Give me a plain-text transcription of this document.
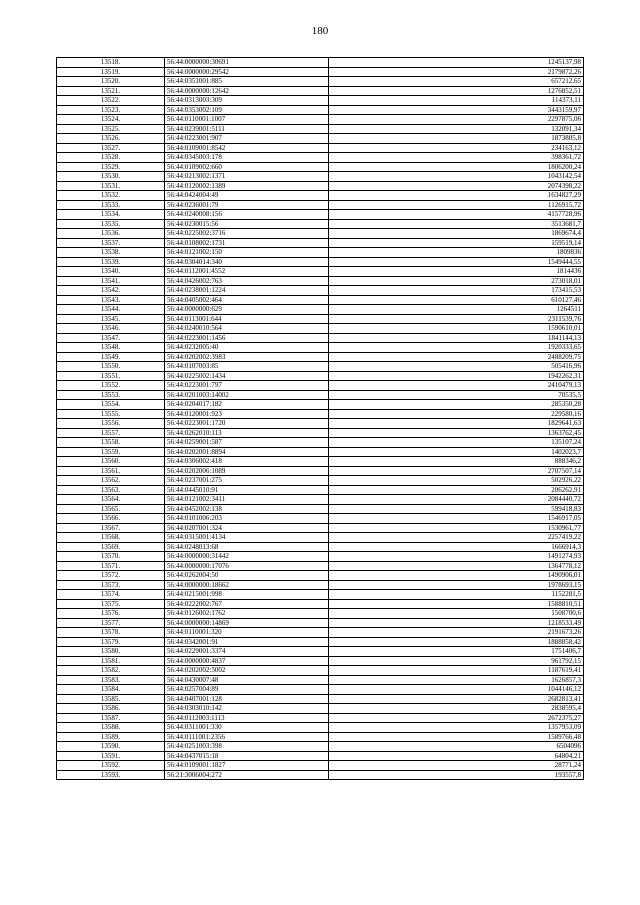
180
13518.	56:44:0000000:30691	1245137,98
13519.	56:44:0000000:29542	2179872,26
13520.	56:44:0351001:885	657212,65
13521.	56:44:0000000:12642	1276852,51
13522.	56:44:0313003:309	114373,11
13523.	56:44:0353002:109	3443159,97
13524.	56:44:0110001:1007	2297875,06
13525.	56:44:0239001:5111	132091,34
13526.	56:44:0223001:907	1873805,8
13527.	56:44:0109001:8542	234163,12
13528.	56:44:0345003:178	398361,72
13529.	56:44:0109002:660	1806200,24
13530.	56:44:0213002:1371	1043142,54
13531.	56:44:0120002:1389	2074398,22
13532.	56:44:0424004:49	1634827,29
13533.	56:44:0236001:79	1126915,72
13534.	56:44:0240008:156	4157728,96
13535.	56:44:0230015:56	3513681,7
13536.	56:44:0225002:3716	1869674,4
13537.	56:44:0108002:1731	159519,14
13538.	56:44:0121002:150	1809836
13539.	56:44:0304014:340	1549444,55
13540.	56:44:0112001:4552	1814436
13541.	56:44:0426002:763	273018,01
13542.	56:44:0238001:1224	173415,53
13543.	56:44:0405002:464	610127,46
13544.	56:44:0000000:629	1264511
13545.	56:44:0113001:644	2311539,76
13546.	56:44:0240010:564	1590610,01
13547.	56:44:0223001:1456	1841144,13
13548.	56:44:0232005:40	1920333,65
13549.	56:44:0202002:3983	2488209,75
13550.	56:44:0107003:85	505416,96
13551.	56:44:0225002:1434	1942262,31
13552.	56:44:0223001:797	2410479,13
13553.	56:44:0201003:14002	70535,5
13554.	56:44:0204017:182	285350,28
13555.	56:44:0120001:923	229580,16
13556.	56:44:0223001:1720	1829641,63
13557.	56:44:0262010:113	1363762,45
13558.	56:44:0259001:587	135107,24
13559.	56:44:0202001:8894	1402023,7
13560.	56:44:0306002:418	888346,2
13561.	56:44:0202006:1089	2707507,14
13562.	56:44:0237001:275	502926,22
13563.	56:44:0445010:91	206262,91
13564.	56:44:0121002:3411	2084440,72
13565.	56:44:0452002:138	599418,83
13566.	56:44:0101006:203	1546917,05
13567.	56:44:0207001:324	1530961,77
13568.	56:44:0315001:4134	2257419,22
13569.	56:44:0248013:68	1666914,3
13570.	56:44:0000000:31442	1491274,93
13571.	56:44:0000000:17076	1364778,12
13572.	56:44:0262004:50	1490906,01
13573.	56:44:0000000:18662	1978693,15
13574.	56:44:0215001:998	1152281,5
13575.	56:44:0222002:767	1588810,51
13576.	56:44:0126002:1762	1508700,6
13577.	56:44:0000000:14869	1218533,49
13578.	56:44:0110001:320	2191673,26
13579.	56:44:0342001:91	1888858,42
13580.	56:44:0229001:3374	1751406,7
13581.	56:44:0000000:4837	961792,15
13582.	56:44:0202002:5002	1187619,41
13583.	56:44:0430007:48	1626857,3
13584.	56:44:0257004:89	1044146,12
13585.	56:44:0407001:128	2682813,41
13586.	56:44:0303010:142	2838595,4
13587.	56:44:0112003:1113	2672375,27
13588.	56:44:0311001:330	1357953,09
13589.	56:44:0111001:2356	1589766,48
13590.	56:44:0251003:398	6504096
13591.	56:44:0437015:18	64804,21
13592.	56:44:0109001:1827	28771,24
13593.	56:21:3006004:272	193557,8
